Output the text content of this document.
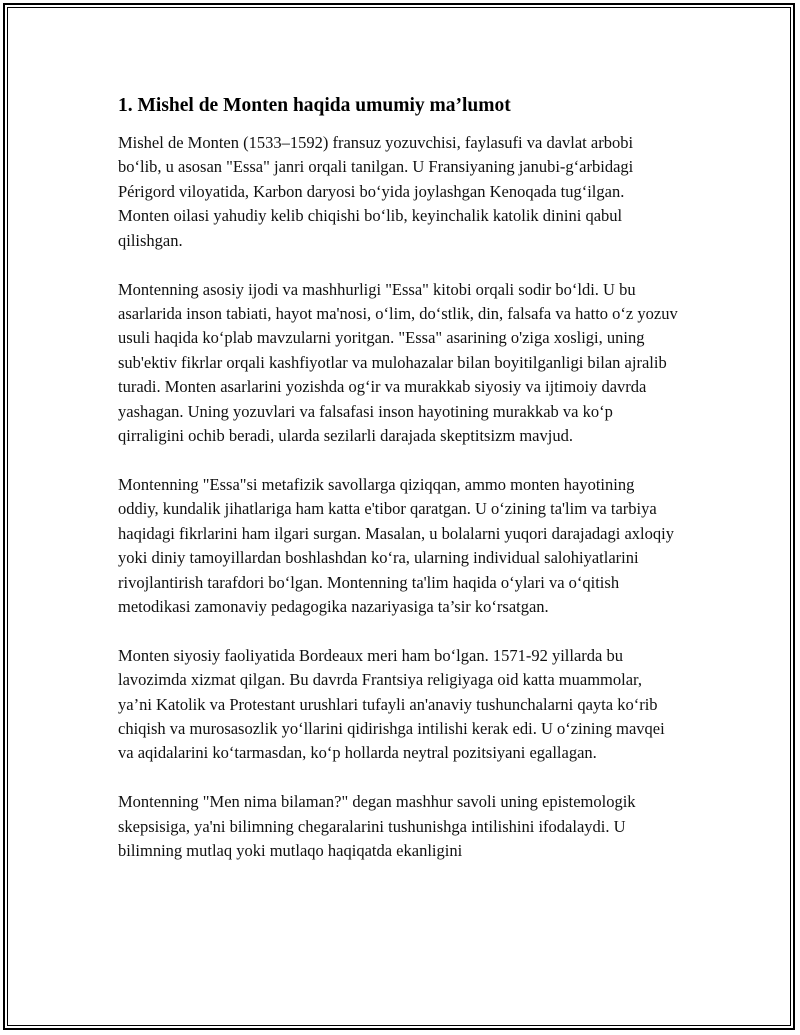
1. Mishel de Monten haqida umumiy ma’lumot

Mishel de Monten (1533–1592) fransuz yozuvchisi, faylasufi va davlat arbobi bo‘lib, u asosan "Essa" janri orqali tanilgan. U Fransiyaning janubi-g‘arbidagi Périgord viloyatida, Karbon daryosi bo‘yida joylashgan Kenoqada tug‘ilgan. Monten oilasi yahudiy kelib chiqishi bo‘lib, keyinchalik katolik dinini qabul qilishgan.

Montenning asosiy ijodi va mashhurligi "Essa" kitobi orqali sodir bo‘ldi. U bu asarlarida inson tabiati, hayot ma'nosi, o‘lim, do‘stlik, din, falsafa va hatto o‘z yozuv usuli haqida ko‘plab mavzularni yoritgan. "Essa" asarining o'ziga xosligi, uning sub'ektiv fikrlar orqali kashfiyotlar va mulohazalar bilan boyitilganligi bilan ajralib turadi. Monten asarlarini yozishda og‘ir va murakkab siyosiy va ijtimoiy davrda yashagan. Uning yozuvlari va falsafasi inson hayotining murakkab va ko‘p qirraligini ochib beradi, ularda sezilarli darajada skeptitsizm mavjud.

Montenning "Essa"si metafizik savollarga qiziqqan, ammo monten hayotining oddiy, kundalik jihatlariga ham katta e'tibor qaratgan. U o‘zining ta'lim va tarbiya haqidagi fikrlarini ham ilgari surgan. Masalan, u bolalarni yuqori darajadagi axloqiy yoki diniy tamoyillardan boshlashdan ko‘ra, ularning individual salohiyatlarini rivojlantirish tarafdori bo‘lgan. Montenning ta'lim haqida o‘ylari va o‘qitish metodikasi zamonaviy pedagogika nazariyasiga ta’sir ko‘rsatgan.

Monten siyosiy faoliyatida Bordeaux meri ham bo‘lgan. 1571-92 yillarda bu lavozimda xizmat qilgan. Bu davrda Frantsiya religiyaga oid katta muammolar, ya’ni Katolik va Protestant urushlari tufayli an'anaviy tushunchalarni qayta ko‘rib chiqish va murosasozlik yo‘llarini qidirishga intilishi kerak edi. U o‘zining mavqei va aqidalarini ko‘tarmasdan, ko‘p hollarda neytral pozitsiyani egallagan.

Montenning "Men nima bilaman?" degan mashhur savoli uning epistemologik skepsisiga, ya'ni bilimning chegaralarini tushunishga intilishini ifodalaydi. U bilimning mutlaq yoki mutlaqo haqiqatda ekanligini
